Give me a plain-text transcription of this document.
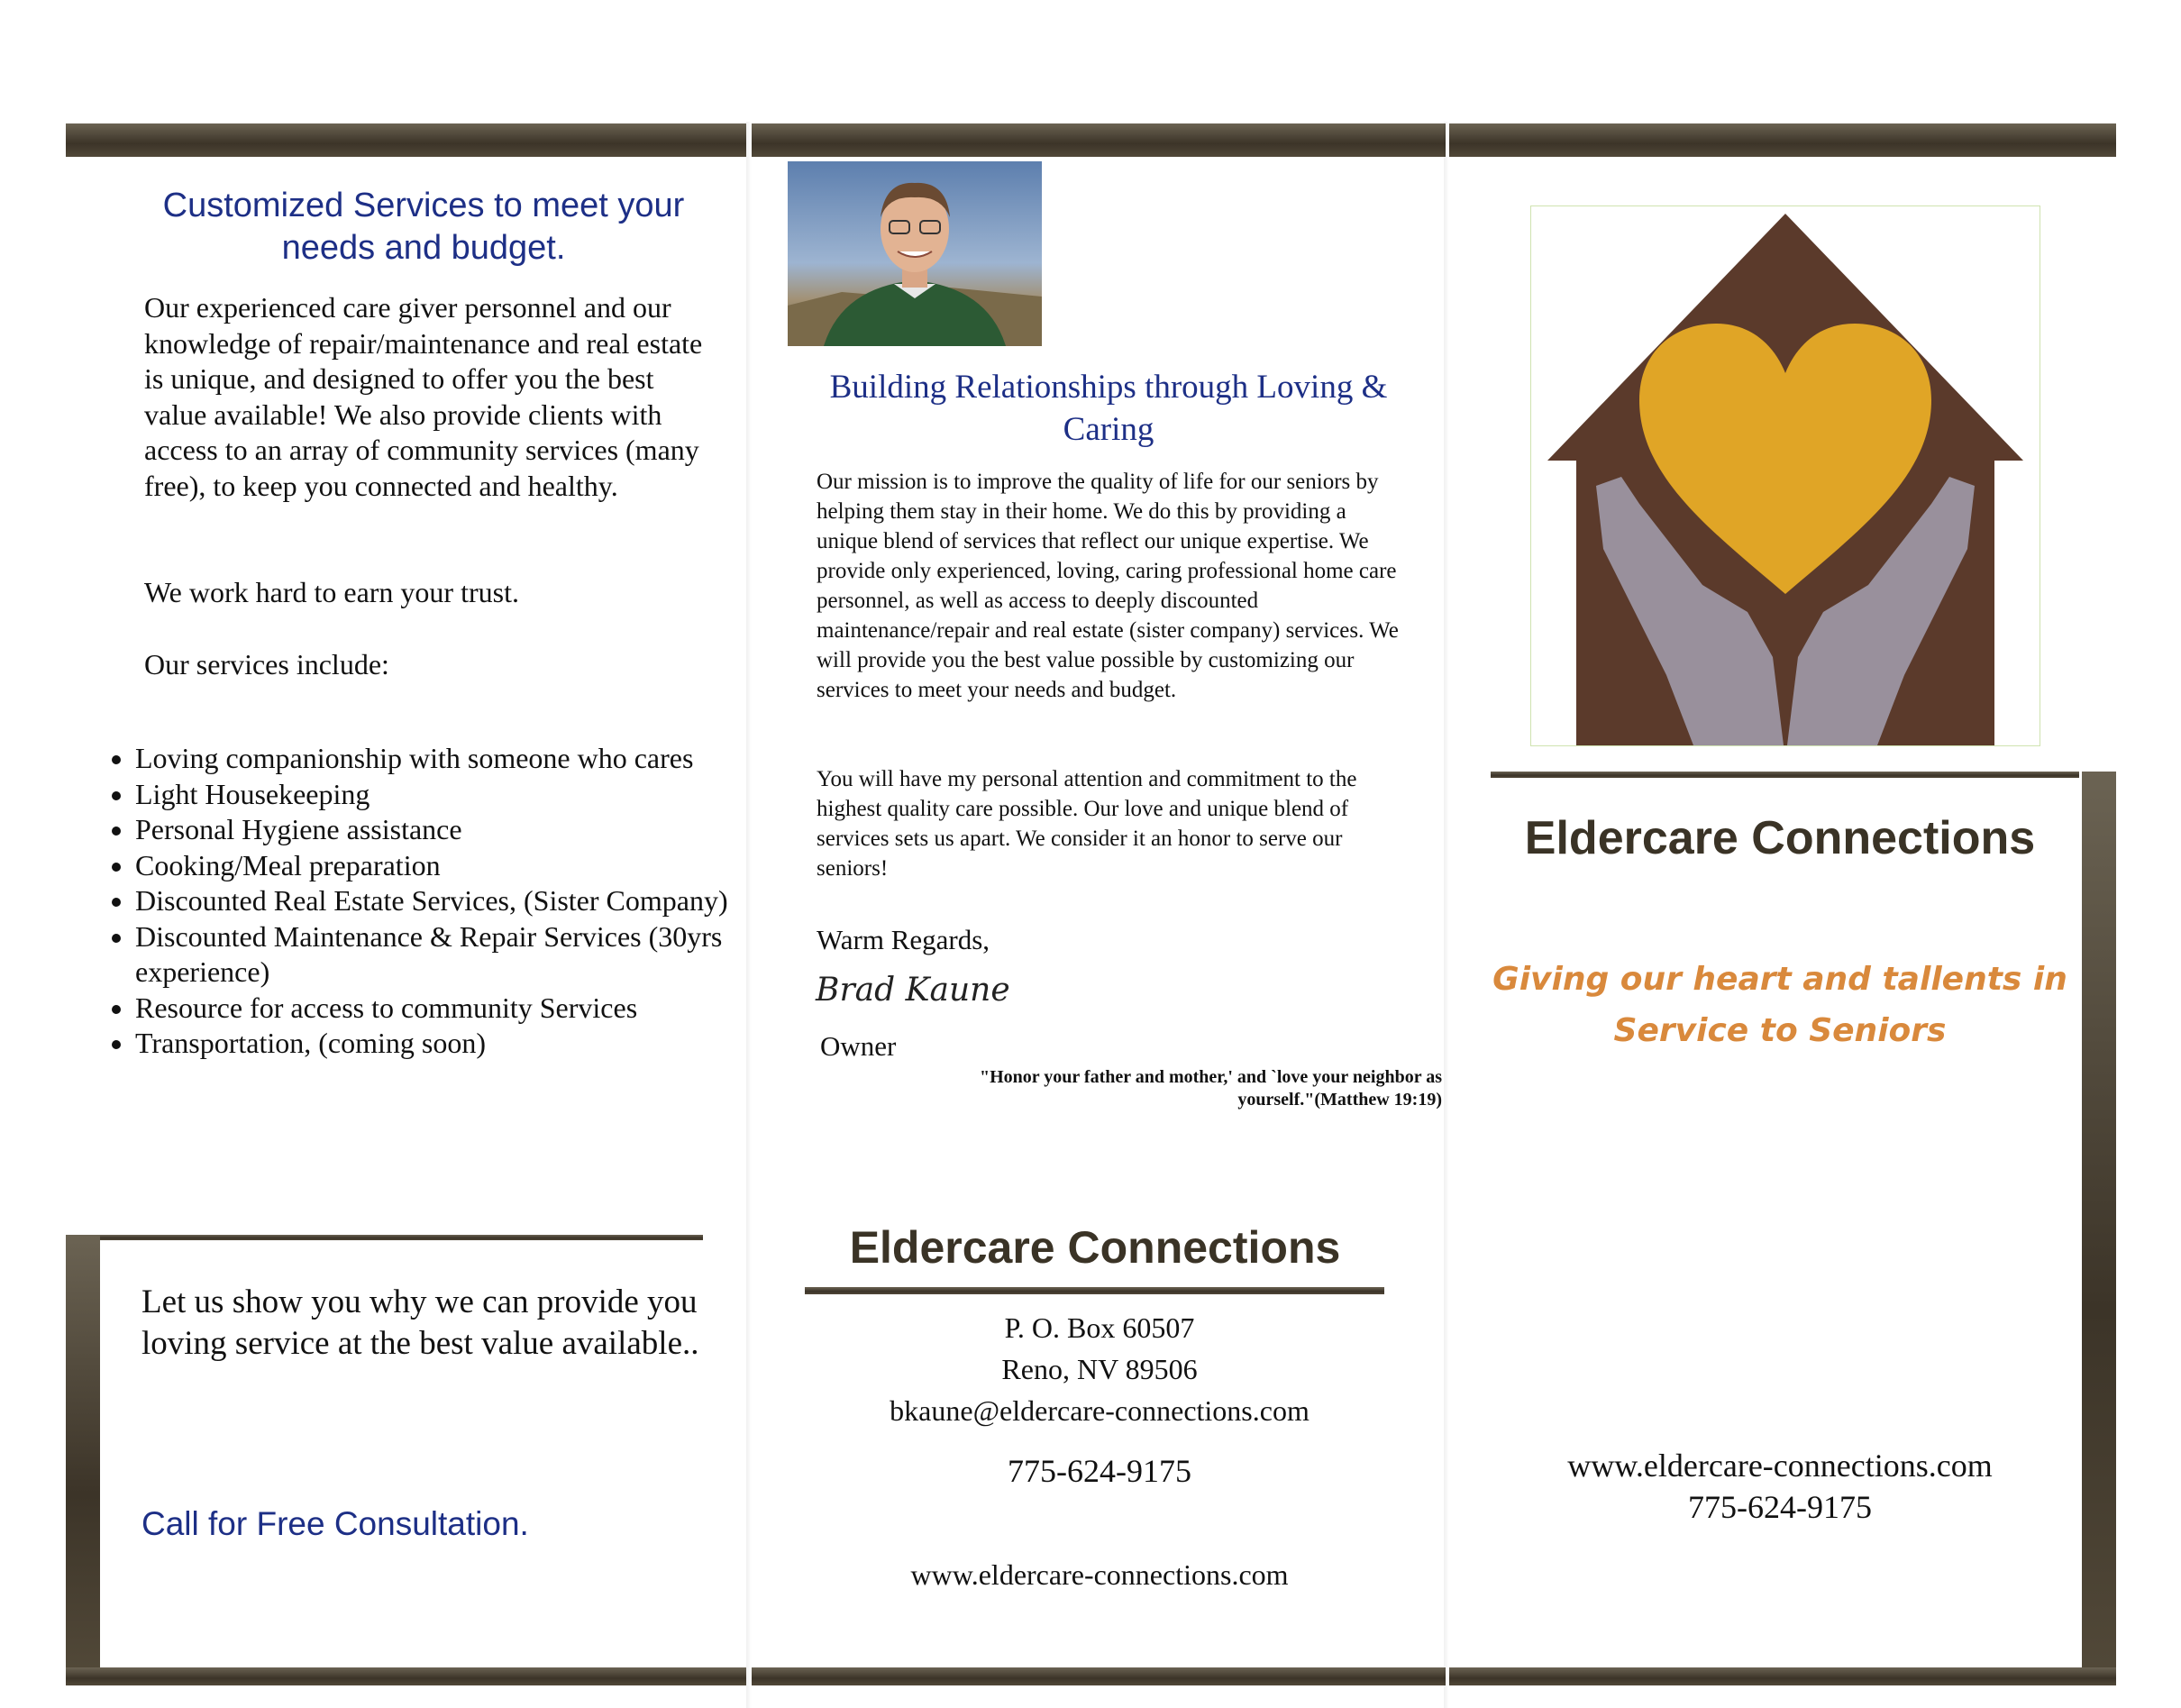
Customized Services to meet your needs and budget.
Our experienced care giver personnel and our knowledge of repair/maintenance and real estate is unique, and designed to offer you the best value available! We also provide clients with access to an array of community services (many free), to keep you connected and healthy.
We work hard to earn your trust.
Our services include:
• Loving companionship with someone who cares
• Light Housekeeping
• Personal Hygiene assistance
• Cooking/Meal preparation
• Discounted Real Estate Services, (Sister Company)
• Discounted Maintenance & Repair Services (30yrs experience)
• Resource for access to community Services
• Transportation, (coming soon)
Let us show you why we can provide you loving service at the best value available..
Call for Free Consultation.
Building Relationships through Loving & Caring
Our mission is to improve the quality of life for our seniors by helping them stay in their home. We do this by providing a unique blend of services that reflect our unique expertise. We provide only experienced, loving, caring professional home care personnel, as well as access to deeply discounted maintenance/repair and real estate (sister company) services. We will provide you the best value possible by customizing our services to meet your needs and budget.
You will have my personal attention and commitment to the highest quality care possible. Our love and unique blend of services sets us apart. We consider it an honor to serve our seniors!
Warm Regards,
Brad Kaune
Owner
"Honor your father and mother,' and `love your neighbor as yourself."(Matthew 19:19)
Eldercare Connections
P. O. Box 60507
Reno, NV 89506
bkaune@eldercare-connections.com
775-624-9175
www.eldercare-connections.com
Eldercare Connections
Giving our heart and tallents in
Service to Seniors
www.eldercare-connections.com
775-624-9175
